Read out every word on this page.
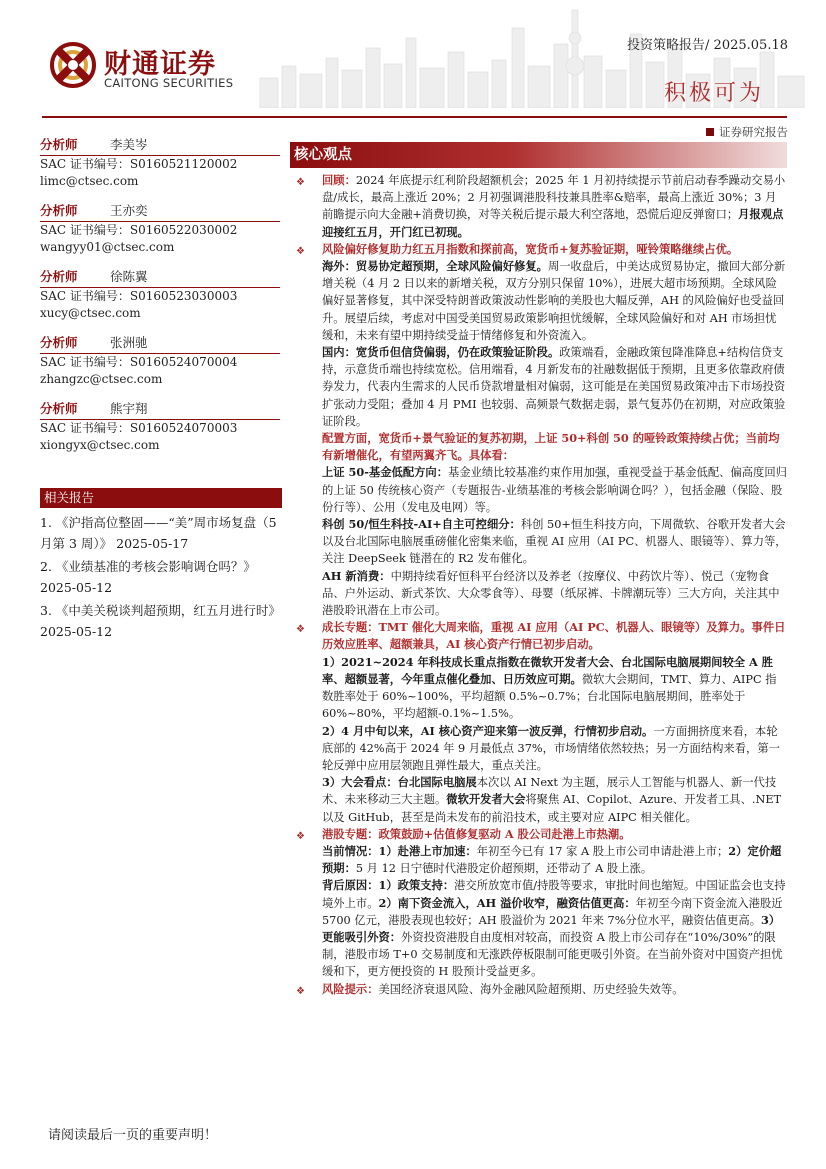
财通证券
CAITONG SECURITIES
投资策略报告/ 2025.05.18
积极可为
证券研究报告
分析师	李美岑
SAC 证书编号：S0160521120002
limc@ctsec.com
分析师	王亦奕
SAC 证书编号：S0160522030002
wangyy01@ctsec.com
分析师	徐陈翼
SAC 证书编号：S0160523030003
xucy@ctsec.com
分析师	张洲驰
SAC 证书编号：S0160524070004
zhangzc@ctsec.com
分析师	熊宇翔
SAC 证书编号：S0160524070003
xiongyx@ctsec.com
相关报告
1. 《沪指高位整固——“美”周市场复盘（5 月第 3 周）》 2025-05-17
2. 《业绩基准的考核会影响调仓吗？》 2025-05-12
3. 《中美关税谈判超预期，红五月进行时》 2025-05-12
核心观点
❖ 回顾：2024 年底提示红利阶段超额机会；2025 年 1 月初持续提示节前启动春季躁动交易小盘/成长，最高上涨近 20%；2 月初强调港股科技兼具胜率&赔率，最高上涨近 30%；3 月前瞻提示向大金融+消费切换，对等关税后提示最大利空落地，恐慌后迎反弹窗口；月报观点迎接红五月，开门红已初现。
❖ 风险偏好修复助力红五月指数和探前高，宽货币+复苏验证期，哑铃策略继续占优。
海外：贸易协定超预期，全球风险偏好修复。周一收盘后，中美达成贸易协定，撤回大部分新增关税（4 月 2 日以来的新增关税，双方分别只保留 10%），进展大超市场预期。全球风险偏好显著修复，其中深受特朗普政策波动性影响的美股也大幅反弹，AH 的风险偏好也受益回升。展望后续，考虑对中国受美国贸易政策影响担忧缓解，全球风险偏好和对 AH 市场担忧缓和，未来有望中期持续受益于情绪修复和外资流入。
国内：宽货币但信贷偏弱，仍在政策验证阶段。政策端看，金融政策包降准降息+结构信贷支持，示意货币端也持续宽松。信用端看，4 月新发布的社融数据低于预期，且更多依靠政府债券发力，代表内生需求的人民币贷款增量相对偏弱，这可能是在美国贸易政策冲击下市场投资扩张动力受阻；叠加 4 月 PMI 也较弱、高频景气数据走弱，景气复苏仍在初期，对应政策验证阶段。
配置方面，宽货币+景气验证的复苏初期，上证 50+科创 50 的哑铃政策持续占优；当前均有新增催化，有望两翼齐飞。具体看：
上证 50-基金低配方向：基金业绩比较基准约束作用加强，重视受益于基金低配、偏高度回归的上证 50 传统核心资产（专题报告-业绩基准的考核会影响调仓吗？），包括金融（保险、股份行等）、公用（发电及电网）等。
科创 50/恒生科技-AI+自主可控细分：科创 50+恒生科技方向，下周微软、谷歌开发者大会以及台北国际电脑展重磅催化密集来临，重视 AI 应用（AI PC、机器人、眼镜等）、算力等，关注 DeepSeek 链潜在的 R2 发布催化。
AH 新消费：中期持续看好恒科平台经济以及养老（按摩仪、中药饮片等）、悦己（宠物食品、户外运动、新式茶饮、大众零食等）、母婴（纸尿裤、卡牌潮玩等）三大方向，关注其中港股聆讯潜在上市公司。
❖ 成长专题：TMT 催化大周来临，重视 AI 应用（AI PC、机器人、眼镜等）及算力。事件日历效应胜率、超额兼具，AI 核心资产行情已初步启动。
1）2021~2024 年科技成长重点指数在微软开发者大会、台北国际电脑展期间较全 A 胜率、超额显著，今年重点催化叠加、日历效应可期。微软大会期间，TMT、算力、AIPC 指数胜率处于 60%~100%，平均超额 0.5%~0.7%；台北国际电脑展期间，胜率处于 60%~80%，平均超额-0.1%~1.5%。
2）4 月中旬以来，AI 核心资产迎来第一波反弹，行情初步启动。一方面拥挤度来看，本轮底部的 42%高于 2024 年 9 月最低点 37%，市场情绪依然较热；另一方面结构来看，第一轮反弹中应用层领跑且弹性最大，重点关注。
3）大会看点：台北国际电脑展本次以 AI Next 为主题，展示人工智能与机器人、新一代技术、未来移动三大主题。微软开发者大会将聚焦 AI、Copilot、Azure、开发者工具、.NET 以及 GitHub，甚至是尚未发布的前沿技术，或主要对应 AIPC 相关催化。
❖ 港股专题：政策鼓励+估值修复驱动 A 股公司赴港上市热潮。
当前情况：1）赴港上市加速：年初至今已有 17 家 A 股上市公司申请赴港上市；2）定价超预期：5 月 12 日宁德时代港股定价超预期，还带动了 A 股上涨。
背后原因：1）政策支持：港交所放宽市值/持股等要求，审批时间也缩短。中国证监会也支持境外上市。2）南下资金流入，AH 溢价收窄，融资估值更高：年初至今南下资金流入港股近 5700 亿元，港股表现也较好；AH 股溢价为 2021 年来 7%分位水平，融资估值更高。3）更能吸引外资：外资投资港股自由度相对较高，而投资 A 股上市公司存在“10%/30%”的限制，港股市场 T+0 交易制度和无涨跌停板限制可能更吸引外资。在当前外资对中国资产担忧缓和下，更方便投资的 H 股预计受益更多。
❖ 风险提示：美国经济衰退风险、海外金融风险超预期、历史经验失效等。
请阅读最后一页的重要声明！
